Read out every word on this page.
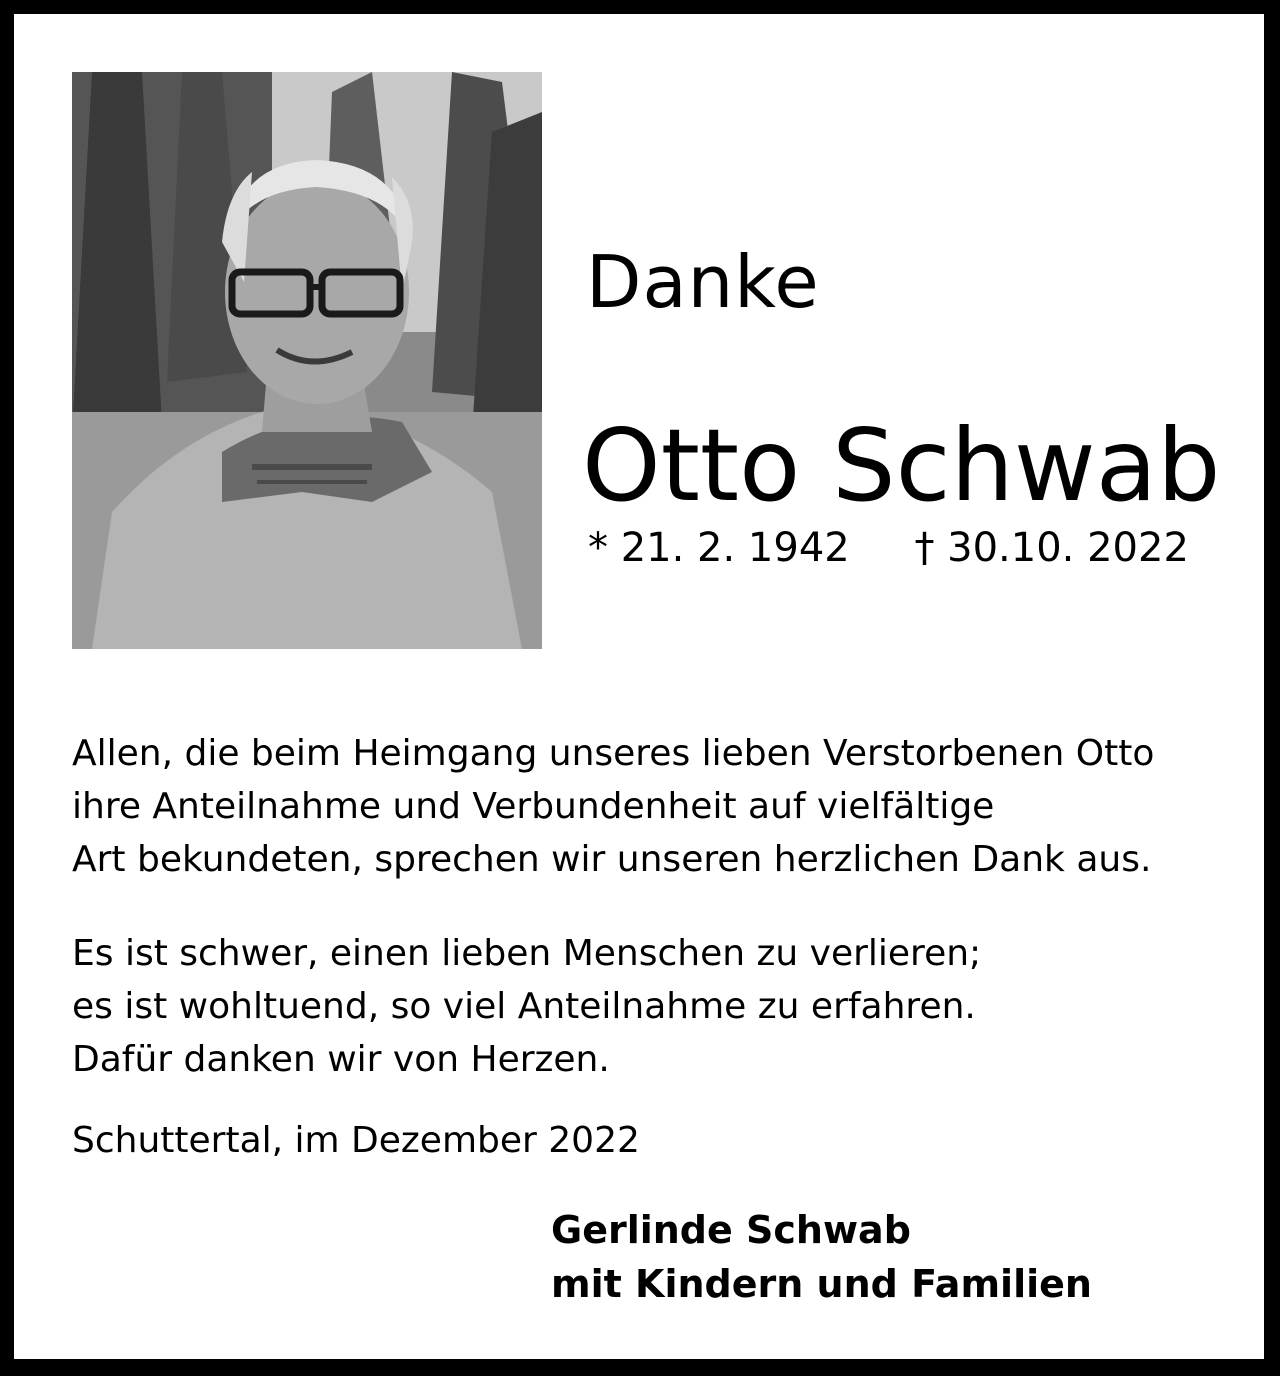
Danke
Otto Schwab
* 21. 2. 1942 † 30.10. 2022
Allen, die beim Heimgang unseres lieben Verstorbenen Otto
ihre Anteilnahme und Verbundenheit auf vielfältige
Art bekundeten, sprechen wir unseren herzlichen Dank aus.
Es ist schwer, einen lieben Menschen zu verlieren;
es ist wohltuend, so viel Anteilnahme zu erfahren.
Dafür danken wir von Herzen.
Schuttertal, im Dezember 2022
Gerlinde Schwab
mit Kindern und Familien
